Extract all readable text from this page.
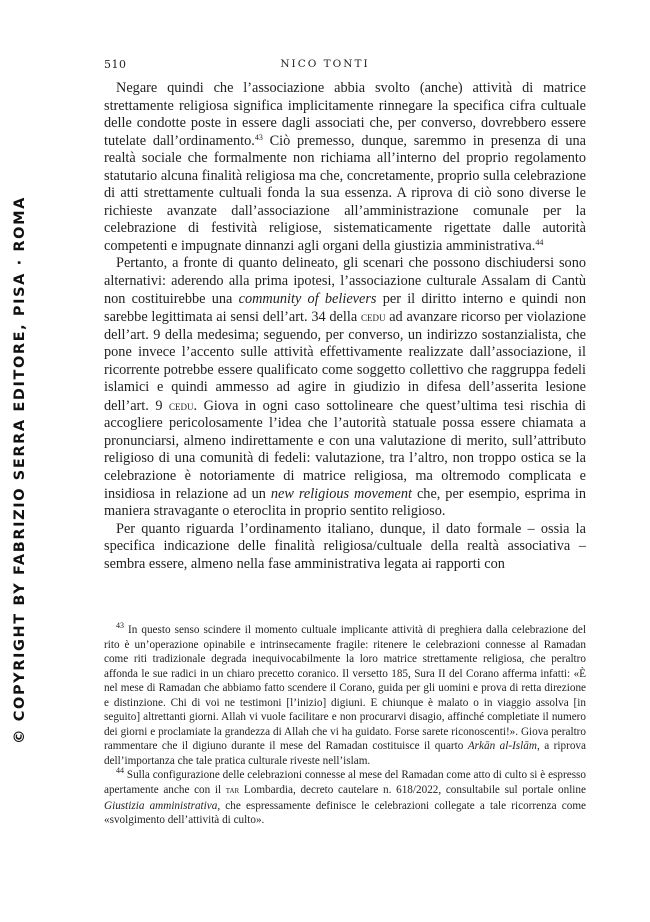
© COPYRIGHT BY FABRIZIO SERRA EDITORE, PISA · ROMA
510	NICO TONTI

Negare quindi che l’associazione abbia svolto (anche) attività di matrice strettamente religiosa significa implicitamente rinnegare la specifica cifra cultuale delle condotte poste in essere dagli associati che, per converso, dovrebbero essere tutelate dall’ordinamento.$^{43}$ Ciò premesso, dunque, saremmo in presenza di una realtà sociale che formalmente non richiama all’interno del proprio regolamento statutario alcuna finalità religiosa ma che, concretamente, proprio sulla celebrazione di atti strettamente cultuali fonda la sua essenza. A riprova di ciò sono diverse le richieste avanzate dall’associazione all’amministrazione comunale per la celebrazione di festività religiose, sistematicamente rigettate dalle autorità competenti e impugnate dinnanzi agli organi della giustizia amministrativa.$^{44}$

Pertanto, a fronte di quanto delineato, gli scenari che possono dischiudersi sono alternativi: aderendo alla prima ipotesi, l’associazione culturale Assalam di Cantù non costituirebbe una community of believers per il diritto interno e quindi non sarebbe legittimata ai sensi dell’art. 34 della cedu ad avanzare ricorso per violazione dell’art. 9 della medesima; seguendo, per converso, un indirizzo sostanzialista, che pone invece l’accento sulle attività effettivamente realizzate dall’associazione, il ricorrente potrebbe essere qualificato come soggetto collettivo che raggruppa fedeli islamici e quindi ammesso ad agire in giudizio in difesa dell’asserita lesione dell’art. 9 cedu. Giova in ogni caso sottolineare che quest’ultima tesi rischia di accogliere pericolosamente l’idea che l’autorità statuale possa essere chiamata a pronunciarsi, almeno indirettamente e con una valutazione di merito, sull’attributo religioso di una comunità di fedeli: valutazione, tra l’altro, non troppo ostica se la celebrazione è notoriamente di matrice religiosa, ma oltremodo complicata e insidiosa in relazione ad un new religious movement che, per esempio, esprima in maniera stravagante o eteroclita in proprio sentito religioso.

Per quanto riguarda l’ordinamento italiano, dunque, il dato formale – ossia la specifica indicazione delle finalità religiosa/cultuale della realtà associativa – sembra essere, almeno nella fase amministrativa legata ai rapporti con

$^{43}$ In questo senso scindere il momento cultuale implicante attività di preghiera dalla celebrazione del rito è un’operazione opinabile e intrinsecamente fragile: ritenere le celebrazioni connesse al Ramadan come riti tradizionale degrada inequivocabilmente la loro matrice strettamente religiosa, che peraltro affonda le sue radici in un chiaro precetto coranico. Il versetto 185, Sura II del Corano afferma infatti: «È nel mese di Ramadan che abbiamo fatto scendere il Corano, guida per gli uomini e prova di retta direzione e distinzione. Chi di voi ne testimoni [l’inizio] digiuni. E chiunque è malato o in viaggio assolva [in seguito] altrettanti giorni. Allah vi vuole facilitare e non procurarvi disagio, affinché completiate il numero dei giorni e proclamiate la grandezza di Allah che vi ha guidato. Forse sarete riconoscenti!». Giova peraltro rammentare che il digiuno durante il mese del Ramadan costituisce il quarto Arkān al-Islām, a riprova dell’importanza che tale pratica culturale riveste nell’islam.

$^{44}$ Sulla configurazione delle celebrazioni connesse al mese del Ramadan come atto di culto si è espresso apertamente anche con il tar Lombardia, decreto cautelare n. 618/2022, consultabile sul portale online Giustizia amministrativa, che espressamente definisce le celebrazioni collegate a tale ricorrenza come «svolgimento dell’attività di culto».
